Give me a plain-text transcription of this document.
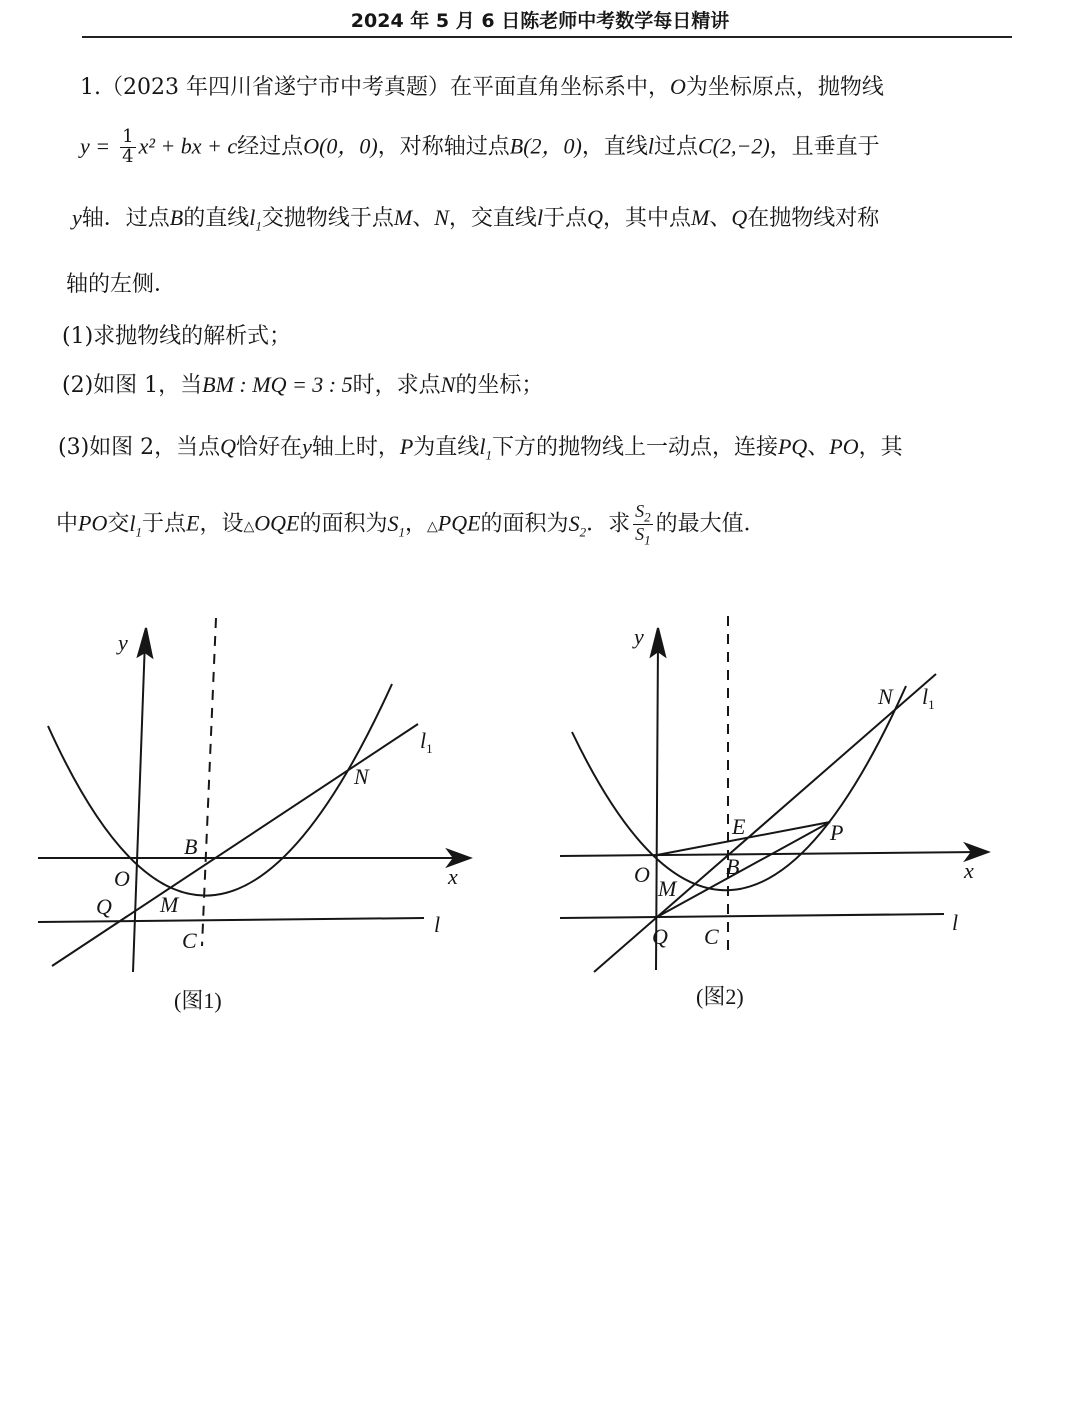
2024 年 5 月 6 日陈老师中考数学每日精讲
1.（2023 年四川省遂宁市中考真题）在平面直角坐标系中，O为坐标原点，抛物线
$y = \frac{1}{4} x^2$ + bx + c经过点O(0，0)，对称轴过点B(2，0)，直线l过点C(2,−2)，且垂直于
y轴．过点B的直线$l_1$交抛物线于点M、N，交直线l于点Q，其中点M、Q在抛物线对称
轴的左侧．
(1)求抛物线的解析式；
(2)如图 1，当BM : MQ = 3 : 5时，求点N的坐标；
(3)如图 2，当点Q恰好在y轴上时，P为直线$l_1$下方的抛物线上一动点，连接PQ、PO，其
中PO交$l_1$于点E，设△OQE的面积为$S_1$，△PQE的面积为$S_2$．求 $\frac{S_2}{S_1}$ 的最大值．
y
x
O
B
C
M
N
Q
l
$l_1$
(图1)
y
x
O	B
C
M
N
Q
E	P
l
$l_1$
(图2)
